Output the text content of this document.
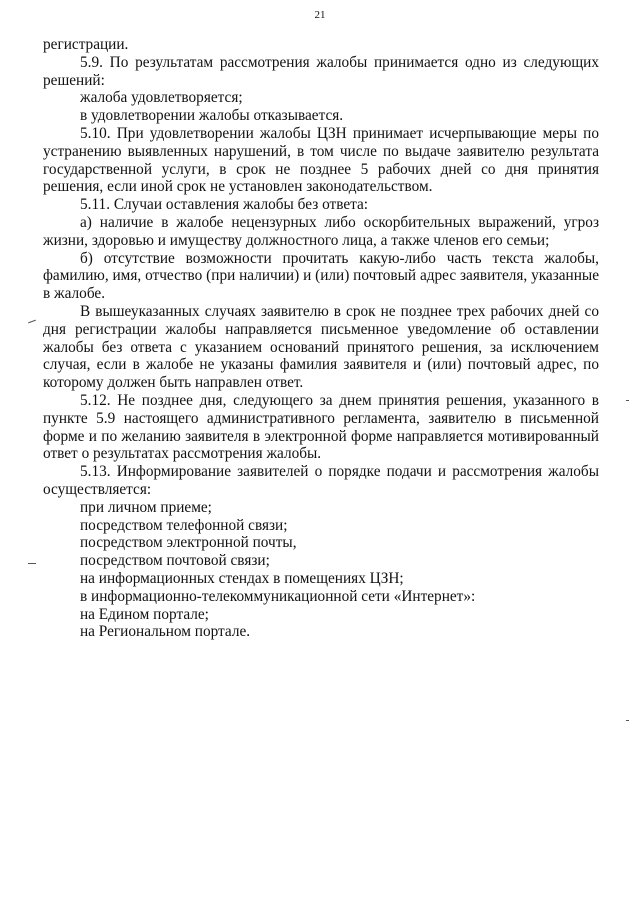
21

регистрации.

5.9. По результатам рассмотрения жалобы принимается одно из следующих решений:

жалоба удовлетворяется;

в удовлетворении жалобы отказывается.

5.10. При удовлетворении жалобы ЦЗН принимает исчерпывающие меры по устранению выявленных нарушений, в том числе по выдаче заявителю результата государственной услуги, в срок не позднее 5 рабочих дней со дня принятия решения, если иной срок не установлен законодательством.

5.11. Случаи оставления жалобы без ответа:

а) наличие в жалобе нецензурных либо оскорбительных выражений, угроз жизни, здоровью и имуществу должностного лица, а также членов его семьи;

б) отсутствие возможности прочитать какую-либо часть текста жалобы, фамилию, имя, отчество (при наличии) и (или) почтовый адрес заявителя, указанные в жалобе.

В вышеуказанных случаях заявителю в срок не позднее трех рабочих дней со дня регистрации жалобы направляется письменное уведомление об оставлении жалобы без ответа с указанием оснований принятого решения, за исключением случая, если в жалобе не указаны фамилия заявителя и (или) почтовый адрес, по которому должен быть направлен ответ.

5.12. Не позднее дня, следующего за днем принятия решения, указанного в пункте 5.9 настоящего административного регламента, заявителю в письменной форме и по желанию заявителя в электронной форме направляется мотивированный ответ о результатах рассмотрения жалобы.

5.13. Информирование заявителей о порядке подачи и рассмотрения жалобы осуществляется:

при личном приеме;

посредством телефонной связи;

посредством электронной почты,

посредством почтовой связи;

на информационных стендах в помещениях ЦЗН;

в информационно-телекоммуникационной сети «Интернет»:

на Едином портале;

на Региональном портале.
